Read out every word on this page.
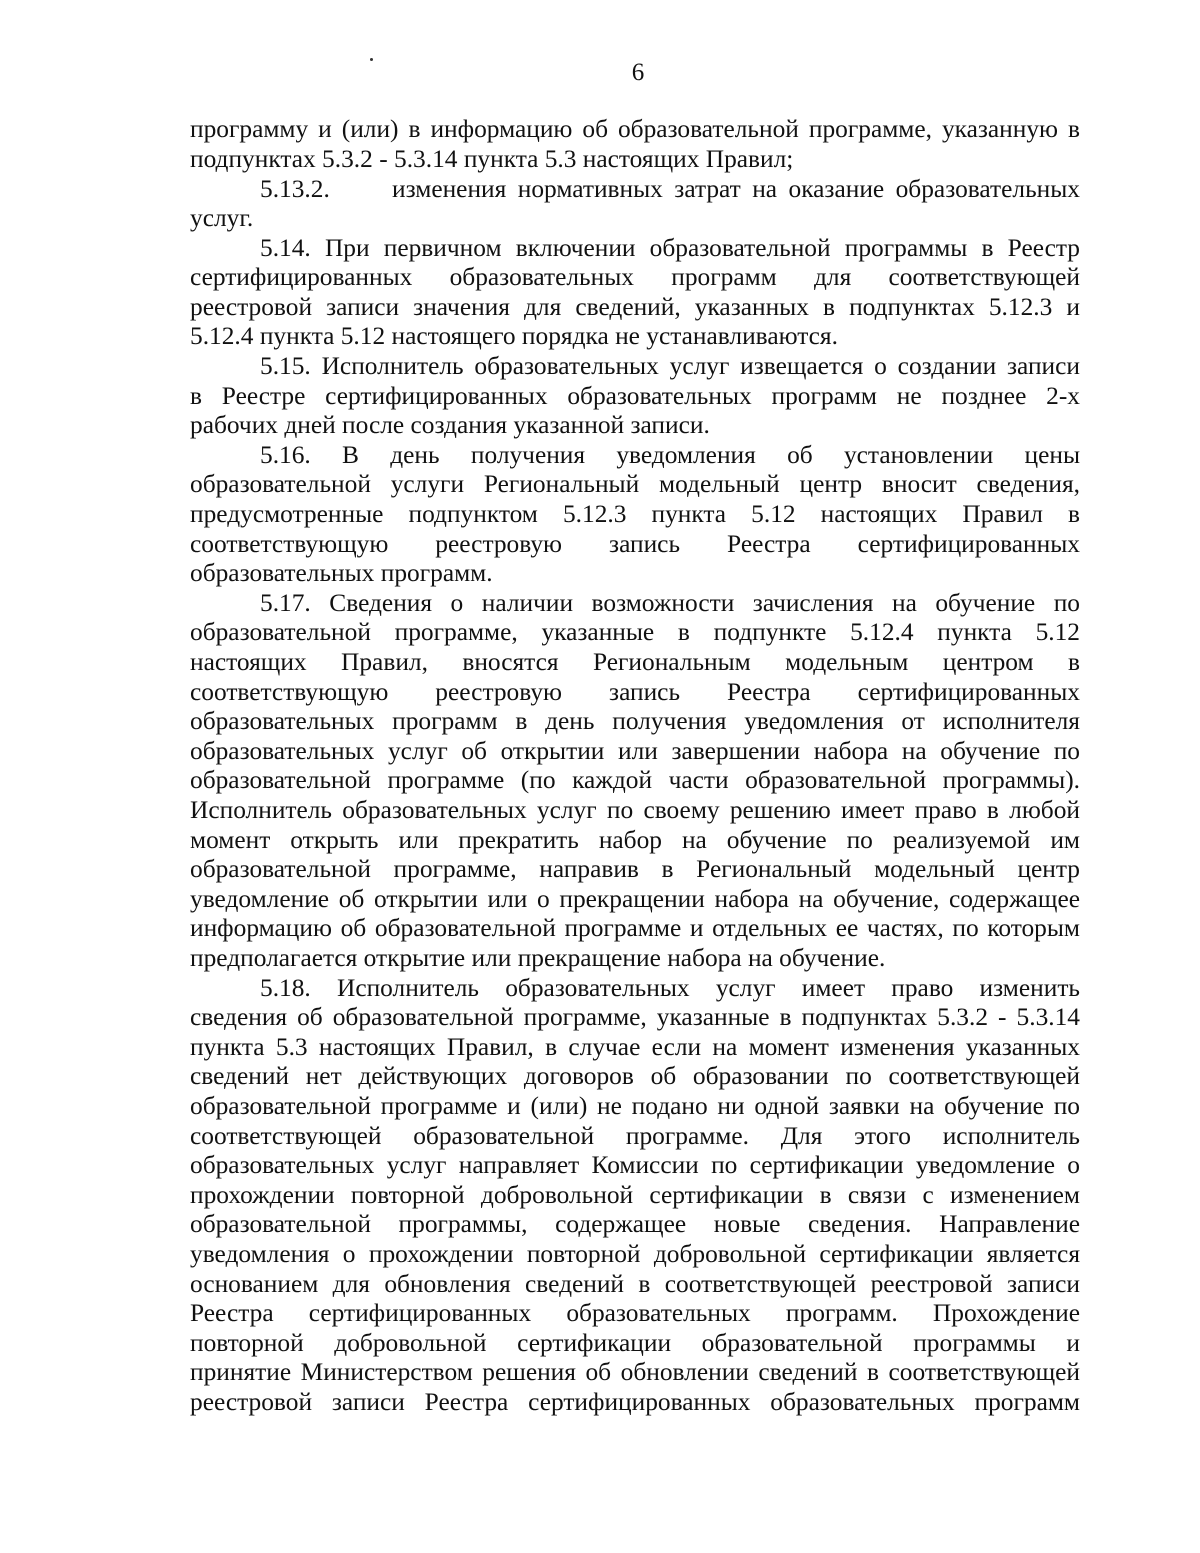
6
программу и (или) в информацию об образовательной программе, указанную в
подпунктах 5.3.2 - 5.3.14 пункта 5.3 настоящих Правил;
5.13.2. изменения нормативных затрат на оказание образовательных
услуг.
5.14. При первичном включении образовательной программы в Реестр
сертифицированных образовательных программ для соответствующей
реестровой записи значения для сведений, указанных в подпунктах 5.12.3 и
5.12.4 пункта 5.12 настоящего порядка не устанавливаются.
5.15. Исполнитель образовательных услуг извещается о создании записи
в Реестре сертифицированных образовательных программ не позднее 2-х
рабочих дней после создания указанной записи.
5.16. В день получения уведомления об установлении цены
образовательной услуги Региональный модельный центр вносит сведения,
предусмотренные подпунктом 5.12.3 пункта 5.12 настоящих Правил в
соответствующую реестровую запись Реестра сертифицированных
образовательных программ.
5.17. Сведения о наличии возможности зачисления на обучение по
образовательной программе, указанные в подпункте 5.12.4 пункта 5.12
настоящих Правил, вносятся Региональным модельным центром в
соответствующую реестровую запись Реестра сертифицированных
образовательных программ в день получения уведомления от исполнителя
образовательных услуг об открытии или завершении набора на обучение по
образовательной программе (по каждой части образовательной программы).
Исполнитель образовательных услуг по своему решению имеет право в любой
момент открыть или прекратить набор на обучение по реализуемой им
образовательной программе, направив в Региональный модельный центр
уведомление об открытии или о прекращении набора на обучение, содержащее
информацию об образовательной программе и отдельных ее частях, по которым
предполагается открытие или прекращение набора на обучение.
5.18. Исполнитель образовательных услуг имеет право изменить
сведения об образовательной программе, указанные в подпунктах 5.3.2 - 5.3.14
пункта 5.3 настоящих Правил, в случае если на момент изменения указанных
сведений нет действующих договоров об образовании по соответствующей
образовательной программе и (или) не подано ни одной заявки на обучение по
соответствующей образовательной программе. Для этого исполнитель
образовательных услуг направляет Комиссии по сертификации уведомление о
прохождении повторной добровольной сертификации в связи с изменением
образовательной программы, содержащее новые сведения. Направление
уведомления о прохождении повторной добровольной сертификации является
основанием для обновления сведений в соответствующей реестровой записи
Реестра сертифицированных образовательных программ. Прохождение
повторной добровольной сертификации образовательной программы и
принятие Министерством решения об обновлении сведений в соответствующей
реестровой записи Реестра сертифицированных образовательных программ
